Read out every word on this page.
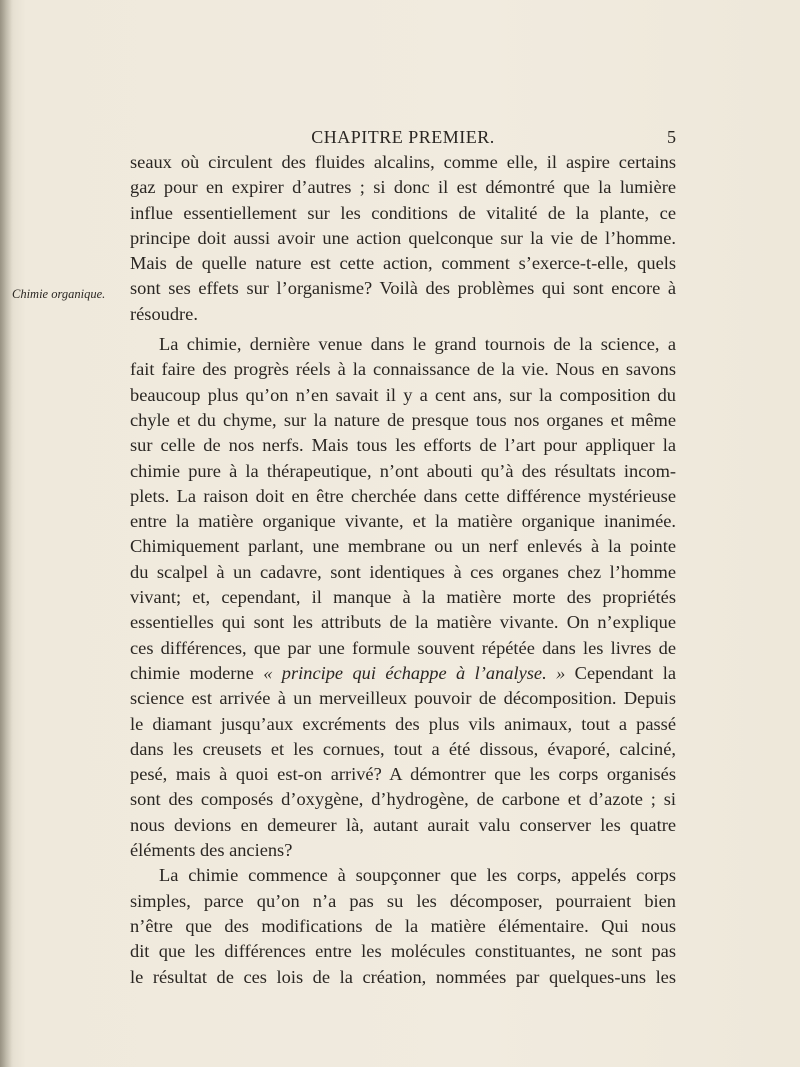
CHAPITRE PREMIER.	5
Chimie organique.

seaux où circulent des fluides alcalins, comme elle, il aspire certains
gaz pour en expirer d’autres ; si donc il est démontré que la lumière
influe essentiellement sur les conditions de vitalité de la plante, ce
principe doit aussi avoir une action quelconque sur la vie de l’homme.
Mais de quelle nature est cette action, comment s’exerce-t-elle, quels
sont ses effets sur l’organisme? Voilà des problèmes qui sont encore à
résoudre.

La chimie, dernière venue dans le grand tournois de la science, a
fait faire des progrès réels à la connaissance de la vie. Nous en savons
beaucoup plus qu’on n’en savait il y a cent ans, sur la composition du
chyle et du chyme, sur la nature de presque tous nos organes et même
sur celle de nos nerfs. Mais tous les efforts de l’art pour appliquer la
chimie pure à la thérapeutique, n’ont abouti qu’à des résultats incom-
plets. La raison doit en être cherchée dans cette différence mystérieuse
entre la matière organique vivante, et la matière organique inanimée.
Chimiquement parlant, une membrane ou un nerf enlevés à la pointe
du scalpel à un cadavre, sont identiques à ces organes chez l’homme
vivant; et, cependant, il manque à la matière morte des propriétés
essentielles qui sont les attributs de la matière vivante. On n’explique
ces différences, que par une formule souvent répétée dans les livres de
chimie moderne « principe qui échappe à l’analyse. » Cependant la
science est arrivée à un merveilleux pouvoir de décomposition. Depuis
le diamant jusqu’aux excréments des plus vils animaux, tout a passé
dans les creusets et les cornues, tout a été dissous, évaporé, calciné,
pesé, mais à quoi est-on arrivé? A démontrer que les corps organisés
sont des composés d’oxygène, d’hydrogène, de carbone et d’azote ; si
nous devions en demeurer là, autant aurait valu conserver les quatre
éléments des anciens?

La chimie commence à soupçonner que les corps, appelés corps
simples, parce qu’on n’a pas su les décomposer, pourraient bien
n’être que des modifications de la matière élémentaire. Qui nous
dit que les différences entre les molécules constituantes, ne sont pas
le résultat de ces lois de la création, nommées par quelques-uns les
